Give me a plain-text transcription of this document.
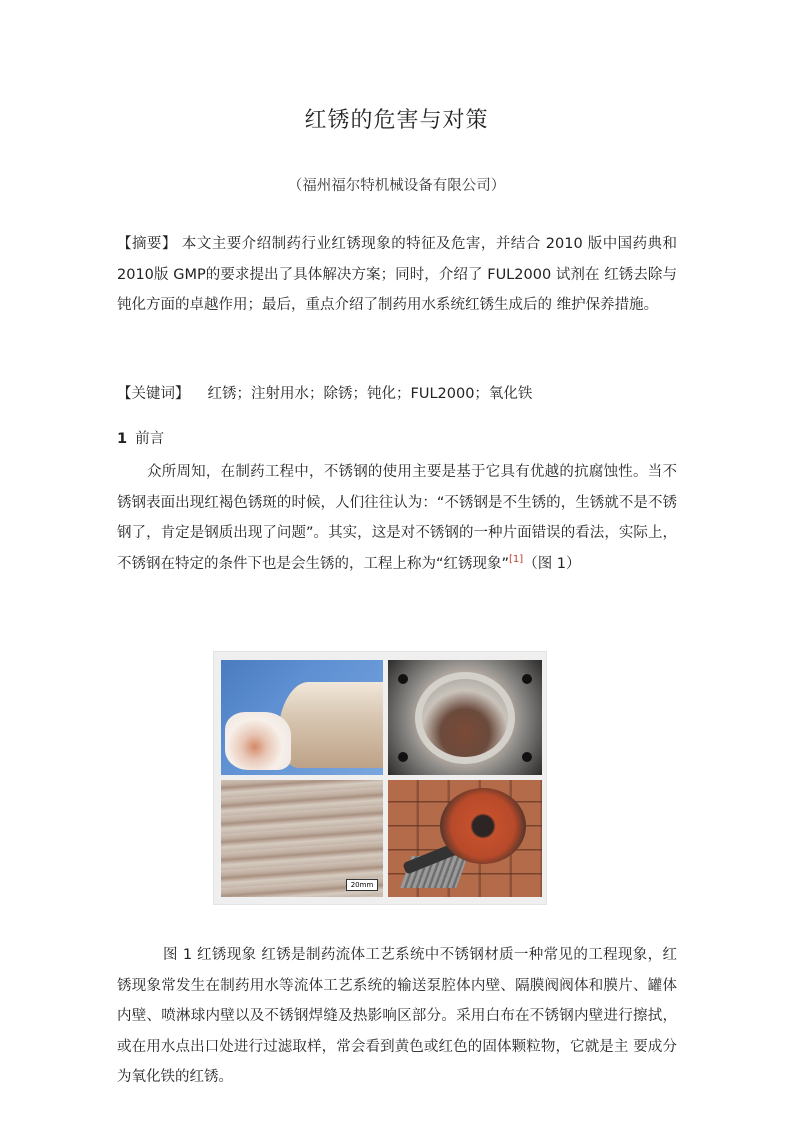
红锈的危害与对策
（福州福尔特机械设备有限公司）
【摘要】 本文主要介绍制药行业红锈现象的特征及危害，并结合 2010 版中国药典和 2010版 GMP的要求提出了具体解决方案；同时，介绍了 FUL2000 试剂在 红锈去除与钝化方面的卓越作用；最后，重点介绍了制药用水系统红锈生成后的 维护保养措施。
【关键词】 红锈；注射用水；除锈；钝化；FUL2000；氧化铁
1 前言
众所周知，在制药工程中，不锈钢的使用主要是基于它具有优越的抗腐蚀性。当不锈钢表面出现红褐色锈斑的时候，人们往往认为：“不锈钢是不生锈的，生锈就不是不锈钢了，肯定是钢质出现了问题”。其实，这是对不锈钢的一种片面错误的看法，实际上，不锈钢在特定的条件下也是会生锈的，工程上称为“红锈现象”[1]（图 1）
20mm
图 1 红锈现象 红锈是制药流体工艺系统中不锈钢材质一种常见的工程现象，红锈现象常发生在制药用水等流体工艺系统的输送泵腔体内壁、隔膜阀阀体和膜片、罐体内壁、喷淋球内壁以及不锈钢焊缝及热影响区部分。采用白布在不锈钢内壁进行擦拭，或在用水点出口处进行过滤取样，常会看到黄色或红色的固体颗粒物，它就是主 要成分为氧化铁的红锈。
